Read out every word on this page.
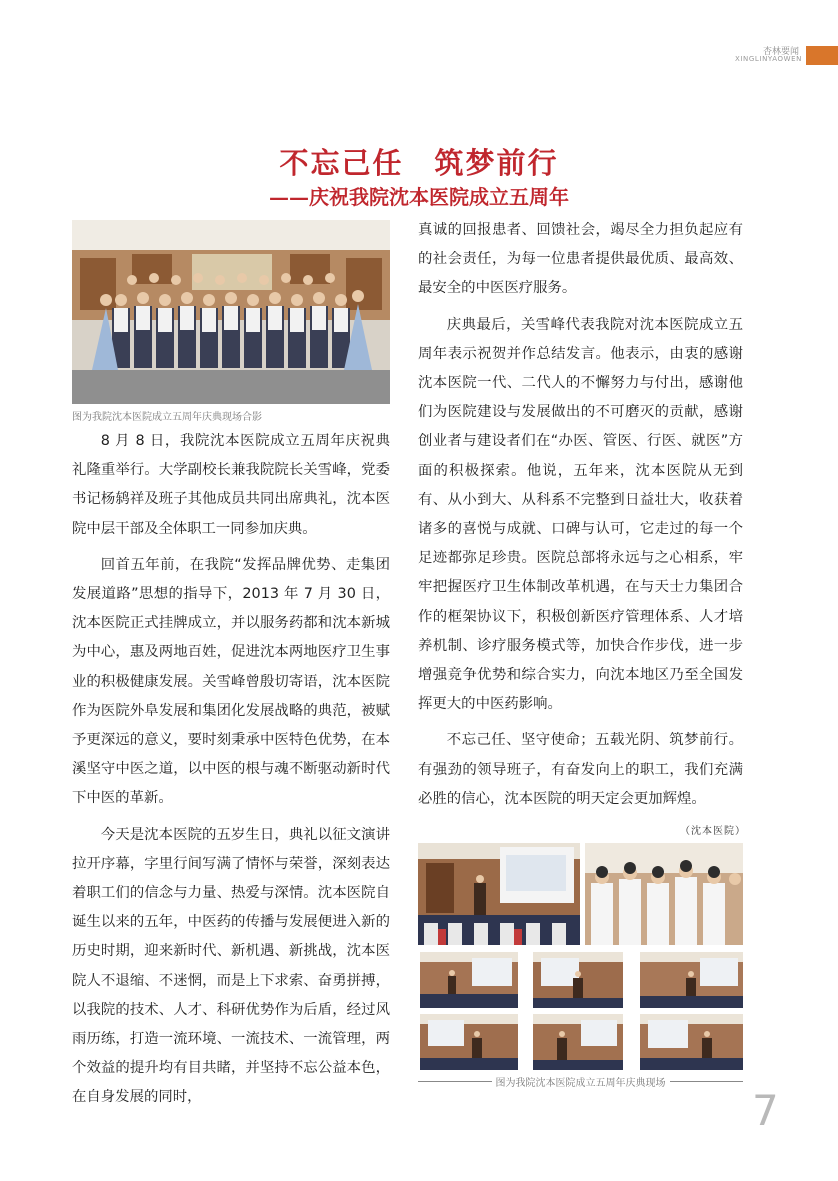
杏林要闻
XINGLINYAOWEN
不忘己任　筑梦前行
——庆祝我院沈本医院成立五周年
图为我院沈本医院成立五周年庆典现场合影

8 月 8 日，我院沈本医院成立五周年庆祝典礼隆重举行。大学副校长兼我院院长关雪峰，党委书记杨鸫祥及班子其他成员共同出席典礼，沈本医院中层干部及全体职工一同参加庆典。

回首五年前，在我院“发挥品牌优势、走集团发展道路”思想的指导下，2013 年 7 月 30 日，沈本医院正式挂牌成立，并以服务药都和沈本新城为中心，惠及两地百姓，促进沈本两地医疗卫生事业的积极健康发展。关雪峰曾殷切寄语，沈本医院作为医院外阜发展和集团化发展战略的典范，被赋予更深远的意义，要时刻秉承中医特色优势，在本溪坚守中医之道，以中医的根与魂不断驱动新时代下中医的革新。

今天是沈本医院的五岁生日，典礼以征文演讲拉开序幕，字里行间写满了情怀与荣誉，深刻表达着职工们的信念与力量、热爱与深情。沈本医院自诞生以来的五年，中医药的传播与发展便进入新的历史时期，迎来新时代、新机遇、新挑战，沈本医院人不退缩、不迷惘，而是上下求索、奋勇拼搏，以我院的技术、人才、科研优势作为后盾，经过风雨历练，打造一流环境、一流技术、一流管理，两个效益的提升均有目共睹，并坚持不忘公益本色，在自身发展的同时，

真诚的回报患者、回馈社会，竭尽全力担负起应有的社会责任，为每一位患者提供最优质、最高效、最安全的中医医疗服务。

庆典最后，关雪峰代表我院对沈本医院成立五周年表示祝贺并作总结发言。他表示，由衷的感谢沈本医院一代、二代人的不懈努力与付出，感谢他们为医院建设与发展做出的不可磨灭的贡献，感谢创业者与建设者们在“办医、管医、行医、就医”方面的积极探索。他说，五年来，沈本医院从无到有、从小到大、从科系不完整到日益壮大，收获着诸多的喜悦与成就、口碑与认可，它走过的每一个足迹都弥足珍贵。医院总部将永远与之心相系，牢牢把握医疗卫生体制改革机遇，在与天士力集团合作的框架协议下，积极创新医疗管理体系、人才培养机制、诊疗服务模式等，加快合作步伐，进一步增强竞争优势和综合实力，向沈本地区乃至全国发挥更大的中医药影响。

不忘己任、坚守使命；五载光阴、筑梦前行。有强劲的领导班子，有奋发向上的职工，我们充满必胜的信心，沈本医院的明天定会更加辉煌。

（沈本医院）
图为我院沈本医院成立五周年庆典现场
7
